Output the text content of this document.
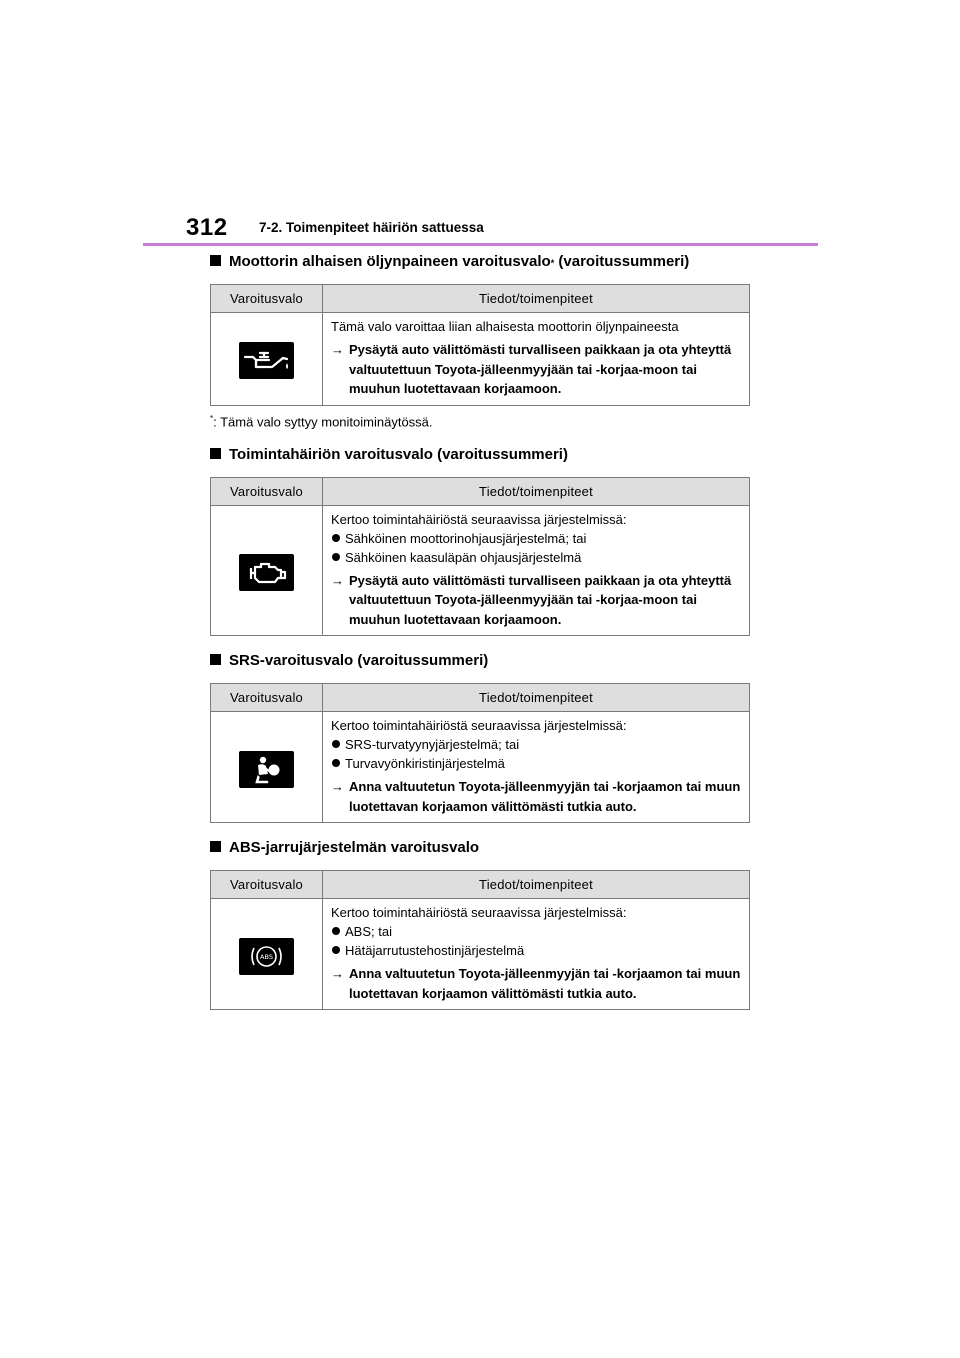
312 7-2. Toimenpiteet häiriön sattuessa
Moottorin alhaisen öljynpaineen varoitusvalo * (varoitussummeri)
Varoitusvalo	Tiedot/toimenpiteet

Tämä valo varoittaa liian alhaisesta moottorin öljynpaineesta
→ Pysäytä auto välittömästi turvalliseen paikkaan ja ota yhteyttä valtuutettuun Toyota-jälleenmyyjään tai -korjaa-moon tai muuhun luotettavaan korjaamoon.
*: Tämä valo syttyy monitoiminäytössä.
Toimintahäiriön varoitusvalo (varoitussummeri)
Varoitusvalo	Tiedot/toimenpiteet

Kertoo toimintahäiriöstä seuraavissa järjestelmissä:
Sähköinen moottorinohjausjärjestelmä; tai
Sähköinen kaasuläpän ohjausjärjestelmä
→ Pysäytä auto välittömästi turvalliseen paikkaan ja ota yhteyttä valtuutettuun Toyota-jälleenmyyjään tai -korjaa-moon tai muuhun luotettavaan korjaamoon.
SRS-varoitusvalo (varoitussummeri)
Varoitusvalo	Tiedot/toimenpiteet

Kertoo toimintahäiriöstä seuraavissa järjestelmissä:
SRS-turvatyynyjärjestelmä; tai
Turvavyönkiristinjärjestelmä
→ Anna valtuutetun Toyota-jälleenmyyjän tai -korjaamon tai muun luotettavan korjaamon välittömästi tutkia auto.
ABS-jarrujärjestelmän varoitusvalo
Varoitusvalo	Tiedot/toimenpiteet

ABS	Kertoo toimintahäiriöstä seuraavissa järjestelmissä:
ABS; tai
Hätäjarrutustehostinjärjestelmä
→ Anna valtuutetun Toyota-jälleenmyyjän tai -korjaamon tai muun luotettavan korjaamon välittömästi tutkia auto.
